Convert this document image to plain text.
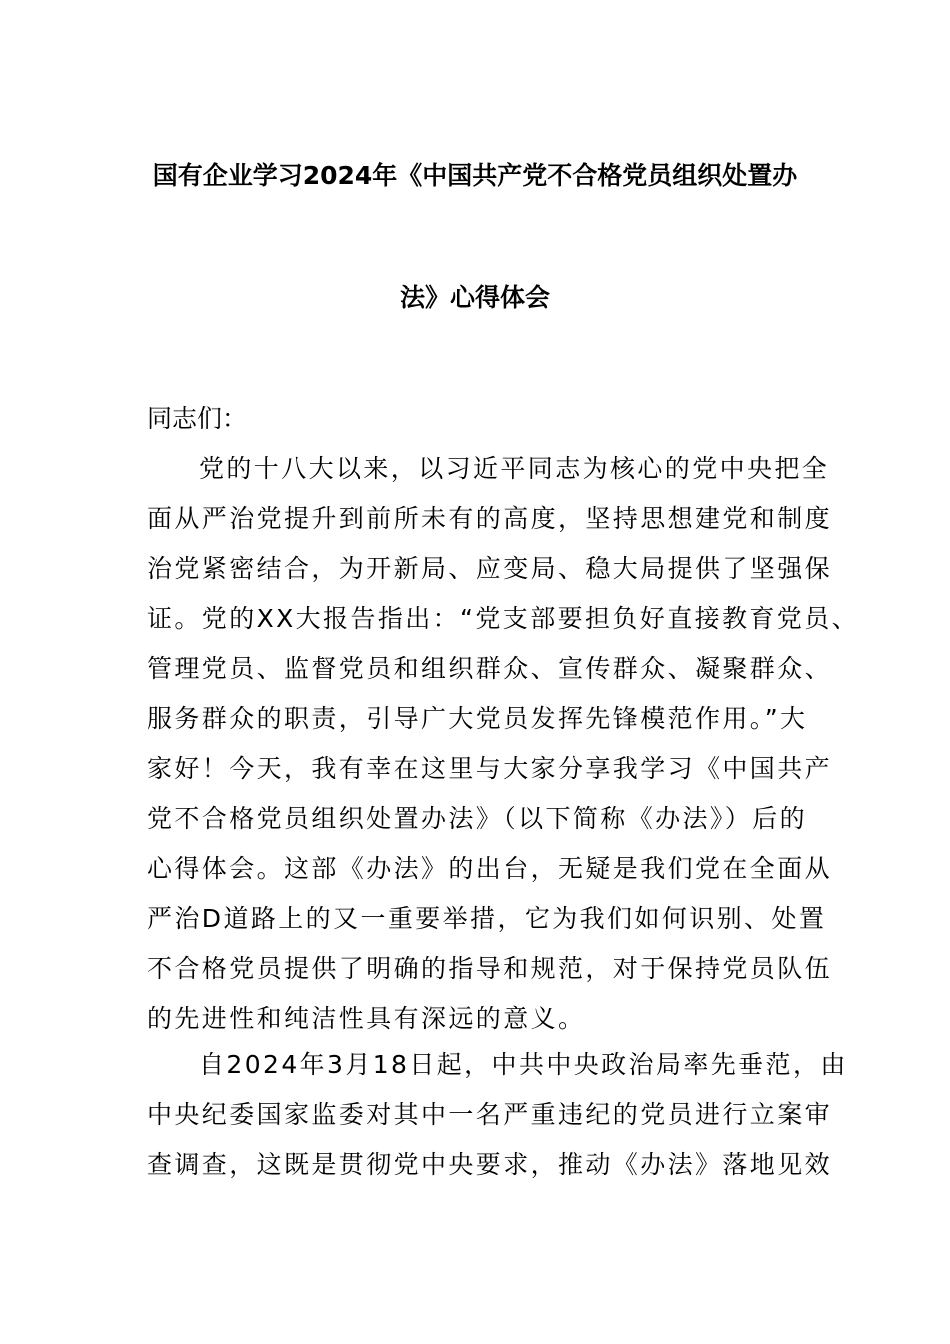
国有企业学习2024年《中国共产党不合格党员组织处置办
法》心得体会
同志们：
党的十八大以来，以习近平同志为核心的党中央把全
面从严治党提升到前所未有的高度，坚持思想建党和制度
治党紧密结合，为开新局、应变局、稳大局提供了坚强保
证。党的XX大报告指出：“党支部要担负好直接教育党员、
管理党员、监督党员和组织群众、宣传群众、凝聚群众、
服务群众的职责，引导广大党员发挥先锋模范作用。”大
家好！今天，我有幸在这里与大家分享我学习《中国共产
党不合格党员组织处置办法》（以下简称《办法》）后的
心得体会。这部《办法》的出台，无疑是我们党在全面从
严治D道路上的又一重要举措，它为我们如何识别、处置
不合格党员提供了明确的指导和规范，对于保持党员队伍
的先进性和纯洁性具有深远的意义。
自2024年3月18日起，中共中央政治局率先垂范，由
中央纪委国家监委对其中一名严重违纪的党员进行立案审
查调查，这既是贯彻党中央要求，推动《办法》落地见效
